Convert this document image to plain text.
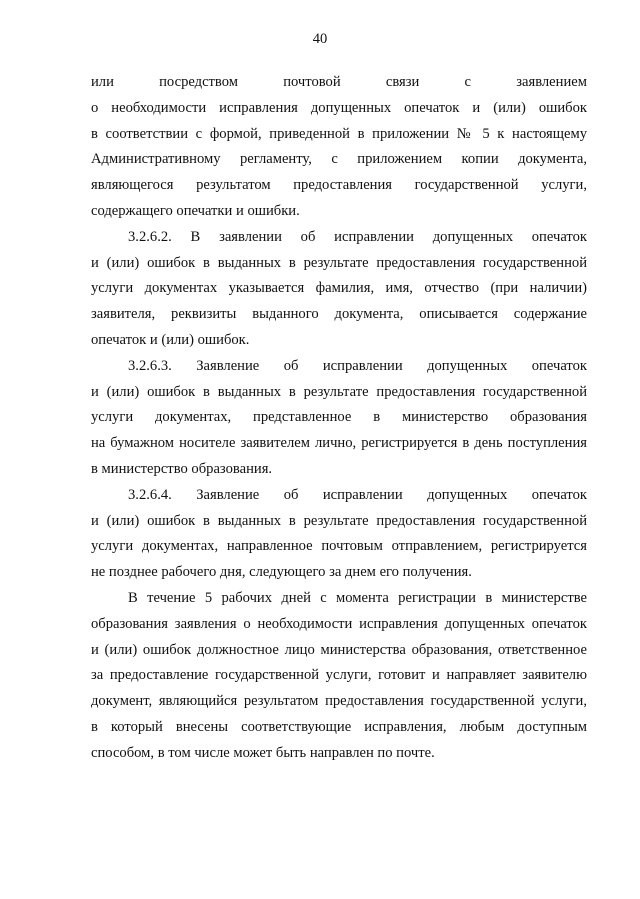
40
или посредством почтовой связи с заявлением
о необходимости исправления допущенных опечаток и (или) ошибок
в соответствии с формой, приведенной в приложении № 5 к настоящему
Административному регламенту, с приложением копии документа,
являющегося результатом предоставления государственной услуги,
содержащего опечатки и ошибки.
3.2.6.2. В заявлении об исправлении допущенных опечаток
и (или) ошибок в выданных в результате предоставления государственной
услуги документах указывается фамилия, имя, отчество (при наличии)
заявителя, реквизиты выданного документа, описывается содержание
опечаток и (или) ошибок.
3.2.6.3. Заявление об исправлении допущенных опечаток
и (или) ошибок в выданных в результате предоставления государственной
услуги документах, представленное в министерство образования
на бумажном носителе заявителем лично, регистрируется в день поступления
в министерство образования.
3.2.6.4. Заявление об исправлении допущенных опечаток
и (или) ошибок в выданных в результате предоставления государственной
услуги документах, направленное почтовым отправлением, регистрируется
не позднее рабочего дня, следующего за днем его получения.
В течение 5 рабочих дней с момента регистрации в министерстве
образования заявления о необходимости исправления допущенных опечаток
и (или) ошибок должностное лицо министерства образования, ответственное
за предоставление государственной услуги, готовит и направляет заявителю
документ, являющийся результатом предоставления государственной услуги,
в который внесены соответствующие исправления, любым доступным
способом, в том числе может быть направлен по почте.
